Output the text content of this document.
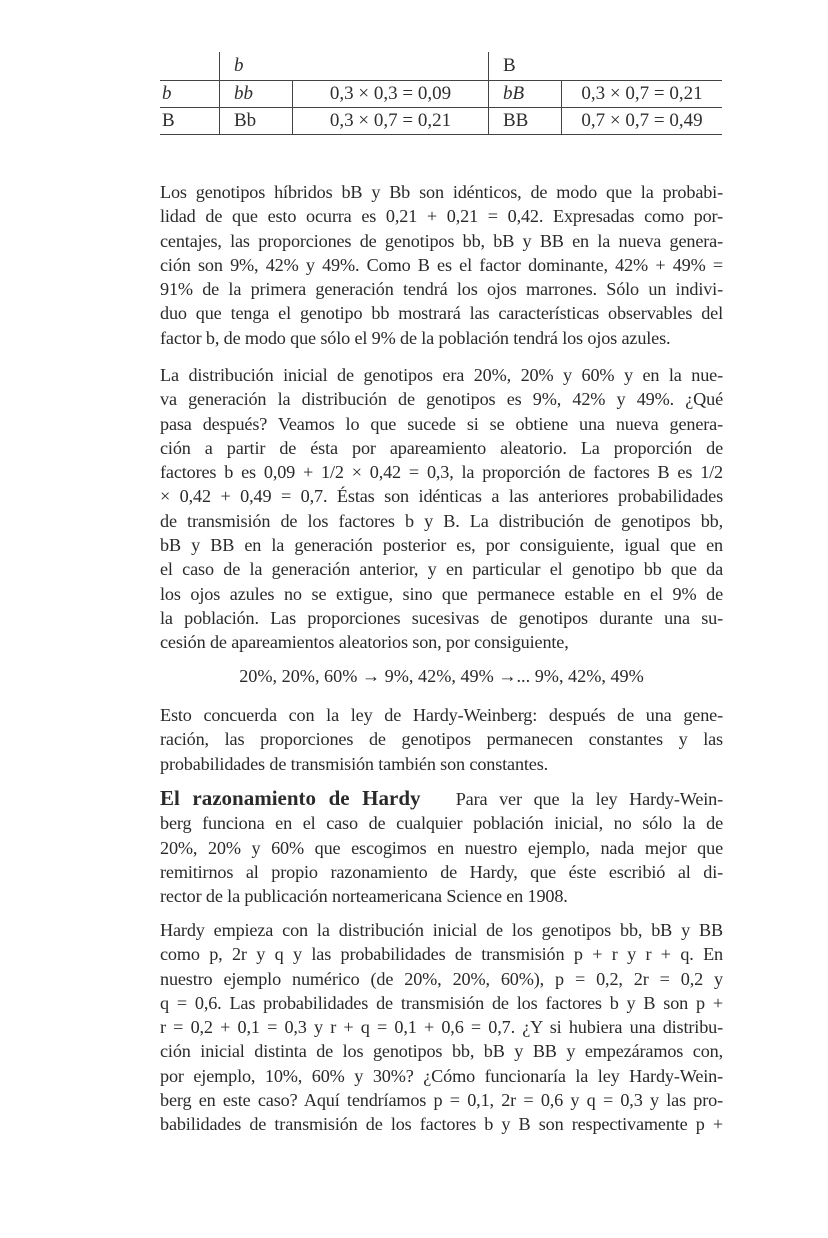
	b		B	
b	bb	0,3 × 0,3 = 0,09	bB	0,3 × 0,7 = 0,21
B	Bb	0,3 × 0,7 = 0,21	BB	0,7 × 0,7 = 0,49

Los genotipos híbridos bB y Bb son idénticos, de modo que la probabi-
lidad de que esto ocurra es 0,21 + 0,21 = 0,42. Expresadas como por-
centajes, las proporciones de genotipos bb, bB y BB en la nueva genera-
ción son 9%, 42% y 49%. Como B es el factor dominante, 42% + 49% =
91% de la primera generación tendrá los ojos marrones. Sólo un indivi-
duo que tenga el genotipo bb mostrará las características observables del
factor b, de modo que sólo el 9% de la población tendrá los ojos azules.

La distribución inicial de genotipos era 20%, 20% y 60% y en la nue-
va generación la distribución de genotipos es 9%, 42% y 49%. ¿Qué
pasa después? Veamos lo que sucede si se obtiene una nueva genera-
ción a partir de ésta por apareamiento aleatorio. La proporción de
factores b es 0,09 + 1/2 × 0,42 = 0,3, la proporción de factores B es 1/2
× 0,42 + 0,49 = 0,7. Éstas son idénticas a las anteriores probabilidades
de transmisión de los factores b y B. La distribución de genotipos bb,
bB y BB en la generación posterior es, por consiguiente, igual que en
el caso de la generación anterior, y en particular el genotipo bb que da
los ojos azules no se extigue, sino que permanece estable en el 9% de
la población. Las proporciones sucesivas de genotipos durante una su-
cesión de apareamientos aleatorios son, por consiguiente,

20%, 20%, 60% → 9%, 42%, 49% →... 9%, 42%, 49%

Esto concuerda con la ley de Hardy-Weinberg: después de una gene-
ración, las proporciones de genotipos permanecen constantes y las
probabilidades de transmisión también son constantes.

El razonamiento de Hardy Para ver que la ley Hardy-Wein-
berg funciona en el caso de cualquier población inicial, no sólo la de
20%, 20% y 60% que escogimos en nuestro ejemplo, nada mejor que
remitirnos al propio razonamiento de Hardy, que éste escribió al di-
rector de la publicación norteamericana Science en 1908.

Hardy empieza con la distribución inicial de los genotipos bb, bB y BB
como p, 2r y q y las probabilidades de transmisión p + r y r + q. En
nuestro ejemplo numérico (de 20%, 20%, 60%), p = 0,2, 2r = 0,2 y
q = 0,6. Las probabilidades de transmisión de los factores b y B son p +
r = 0,2 + 0,1 = 0,3 y r + q = 0,1 + 0,6 = 0,7. ¿Y si hubiera una distribu-
ción inicial distinta de los genotipos bb, bB y BB y empezáramos con,
por ejemplo, 10%, 60% y 30%? ¿Cómo funcionaría la ley Hardy-Wein-
berg en este caso? Aquí tendríamos p = 0,1, 2r = 0,6 y q = 0,3 y las pro-
babilidades de transmisión de los factores b y B son respectivamente p +
